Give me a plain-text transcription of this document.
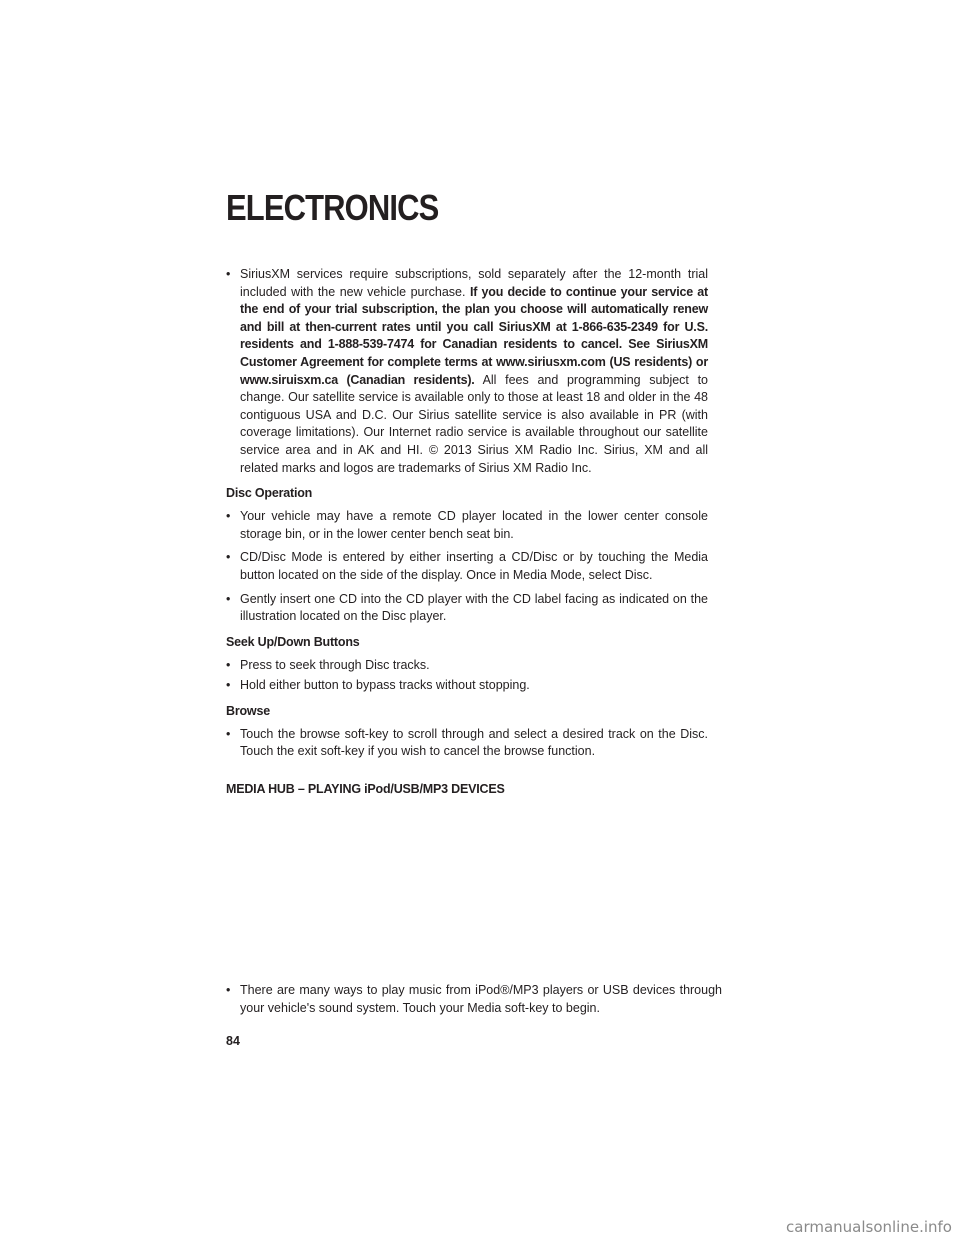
ELECTRONICS

• SiriusXM services require subscriptions, sold separately after the 12-month trial included with the new vehicle purchase. If you decide to continue your service at the end of your trial subscription, the plan you choose will automatically renew and bill at then-current rates until you call SiriusXM at 1-866-635-2349 for U.S. residents and 1-888-539-7474 for Canadian residents to cancel. See SiriusXM Customer Agreement for complete terms at www.siriusxm.com (US residents) or www.siruisxm.ca (Canadian residents). All fees and programming subject to change. Our satellite service is available only to those at least 18 and older in the 48 contiguous USA and D.C. Our Sirius satellite service is also available in PR (with coverage limitations). Our Internet radio service is available throughout our satellite service area and in AK and HI. © 2013 Sirius XM Radio Inc. Sirius, XM and all related marks and logos are trademarks of Sirius XM Radio Inc.

Disc Operation

• Your vehicle may have a remote CD player located in the lower center console storage bin, or in the lower center bench seat bin.

• CD/Disc Mode is entered by either inserting a CD/Disc or by touching the Media button located on the side of the display. Once in Media Mode, select Disc.

• Gently insert one CD into the CD player with the CD label facing as indicated on the illustration located on the Disc player.

Seek Up/Down Buttons

• Press to seek through Disc tracks.

• Hold either button to bypass tracks without stopping.

Browse

• Touch the browse soft-key to scroll through and select a desired track on the Disc. Touch the exit soft-key if you wish to cancel the browse function.

MEDIA HUB – PLAYING iPod/USB/MP3 DEVICES

• There are many ways to play music from iPod®/MP3 players or USB devices through your vehicle's sound system. Touch your Media soft-key to begin.

84

carmanualsonline.info
